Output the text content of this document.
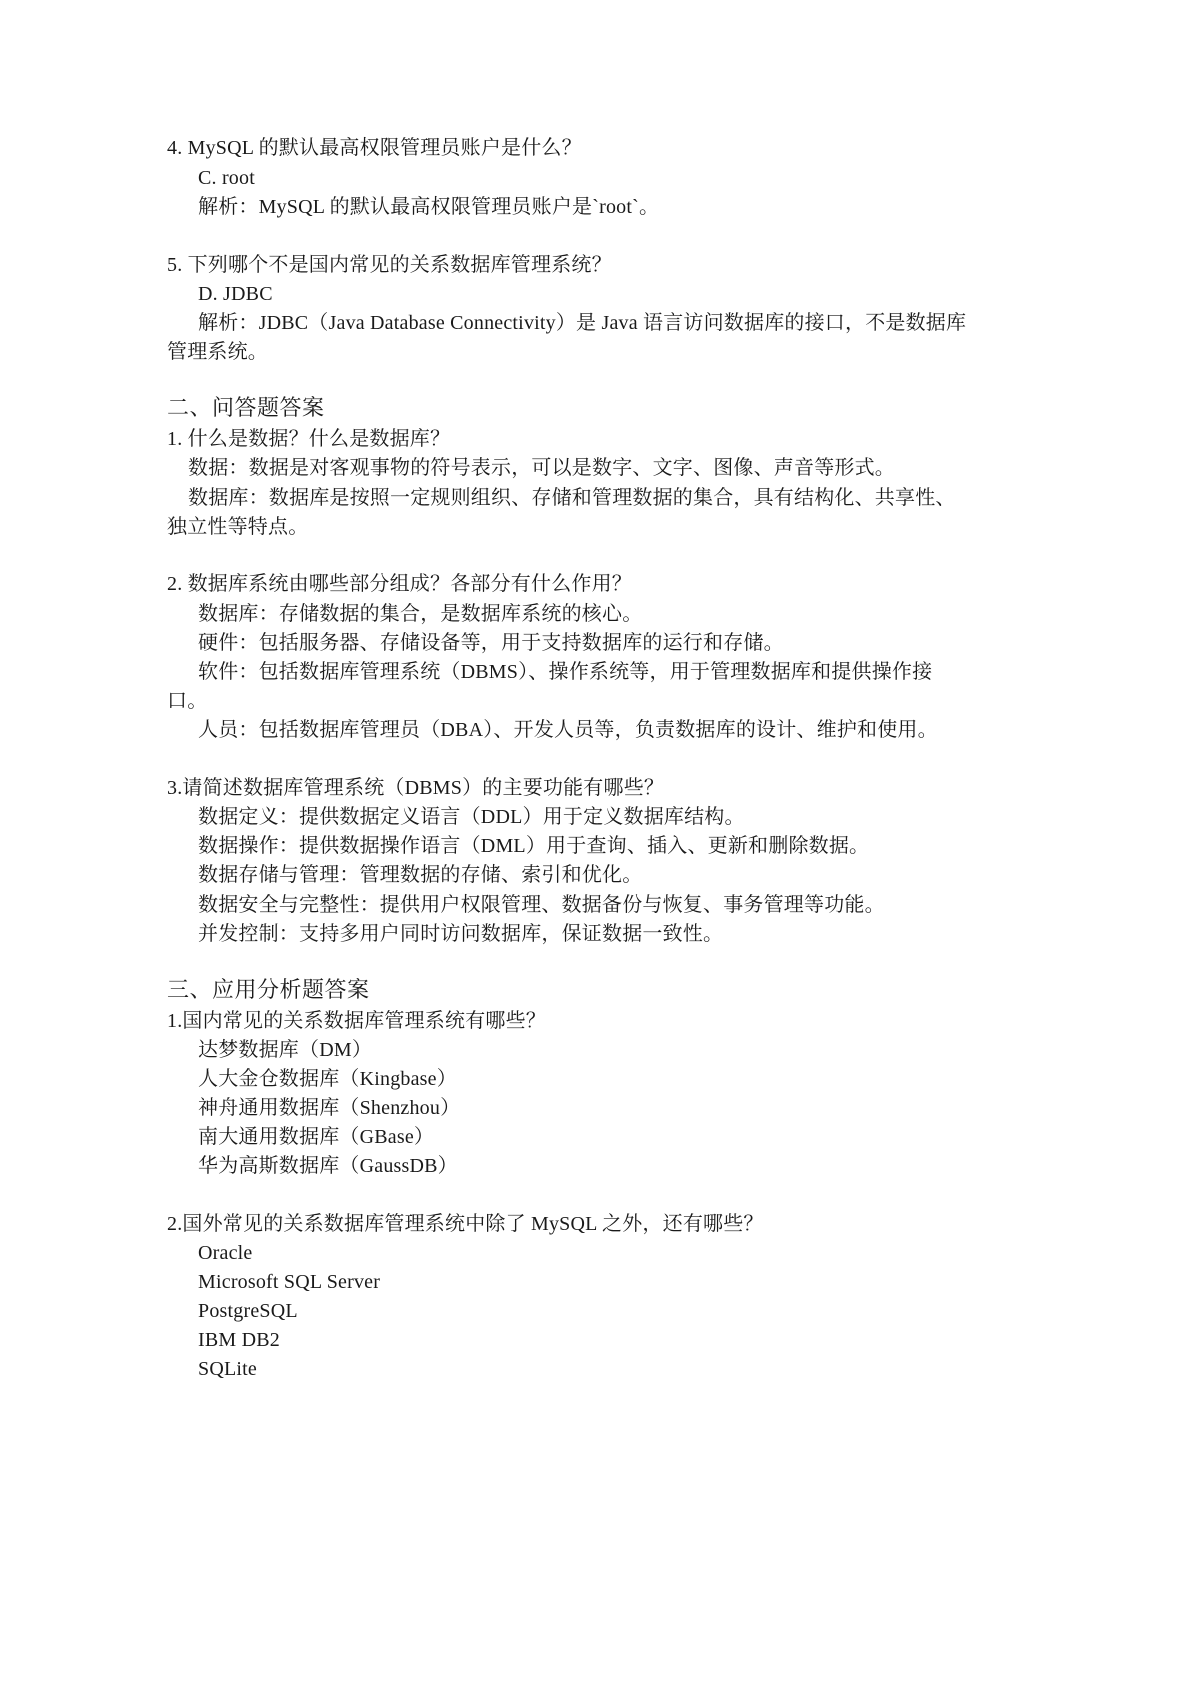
4. MySQL 的默认最高权限管理员账户是什么？
C. root
解析：MySQL 的默认最高权限管理员账户是`root`。
5. 下列哪个不是国内常见的关系数据库管理系统？
D. JDBC
解析：JDBC（Java Database Connectivity）是 Java 语言访问数据库的接口，不是数据库
管理系统。
二、问答题答案
1. 什么是数据？什么是数据库？
数据：数据是对客观事物的符号表示，可以是数字、文字、图像、声音等形式。
数据库：数据库是按照一定规则组织、存储和管理数据的集合，具有结构化、共享性、
独立性等特点。
2. 数据库系统由哪些部分组成？各部分有什么作用？
数据库：存储数据的集合，是数据库系统的核心。
硬件：包括服务器、存储设备等，用于支持数据库的运行和存储。
软件：包括数据库管理系统（DBMS）、操作系统等，用于管理数据库和提供操作接
口。
人员：包括数据库管理员（DBA）、开发人员等，负责数据库的设计、维护和使用。
3.请简述数据库管理系统（DBMS）的主要功能有哪些？
数据定义：提供数据定义语言（DDL）用于定义数据库结构。
数据操作：提供数据操作语言（DML）用于查询、插入、更新和删除数据。
数据存储与管理：管理数据的存储、索引和优化。
数据安全与完整性：提供用户权限管理、数据备份与恢复、事务管理等功能。
并发控制：支持多用户同时访问数据库，保证数据一致性。
三、应用分析题答案
1.国内常见的关系数据库管理系统有哪些？
达梦数据库（DM）
人大金仓数据库（Kingbase）
神舟通用数据库（Shenzhou）
南大通用数据库（GBase）
华为高斯数据库（GaussDB）
2.国外常见的关系数据库管理系统中除了 MySQL 之外，还有哪些？
Oracle
Microsoft SQL Server
PostgreSQL
IBM DB2
SQLite
